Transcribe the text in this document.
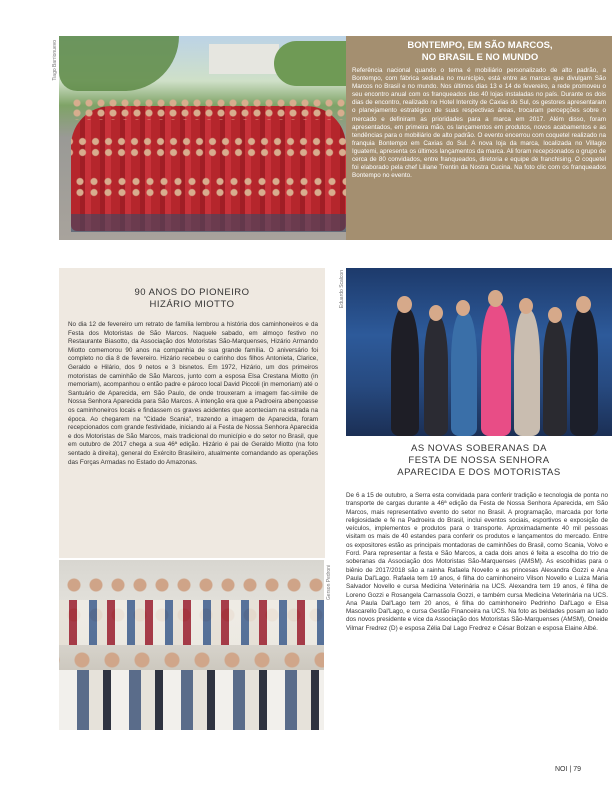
Tiago Barrionuevo	BONTEMPO, EM SÃO MARCOS,
NO BRASIL E NO MUNDO
Referência nacional quando o tema é mobiliário personalizado de alto padrão, a Bontempo, com fábrica sediada no município, está entre as marcas que divulgam São Marcos no Brasil e no mundo. Nos últimos dias 13 e 14 de fevereiro, a rede promoveu o seu encontro anual com os franqueados das 40 lojas instaladas no país. Durante os dois dias de encontro, realizado no Hotel Intercity de Caxias do Sul, os gestores apresentaram o planejamento estratégico de suas respectivas áreas, trocaram percepções sobre o mercado e definiram as prioridades para a marca em 2017. Além disso, foram apresentados, em primeira mão, os lançamentos em produtos, novos acabamentos e as tendências para o mobiliário de alto padrão. O evento encerrou com coquetel realizado na franquia Bontempo em Caxias do Sul. A nova loja da marca, localizada no Villagio Iguatemi, apresenta os últimos lançamentos da marca. Ali foram recepcionados o grupo de cerca de 80 convidados, entre franqueados, diretoria e equipe de franchising. O coquetel foi elaborado pela chef Liliane Trentin da Nostra Cucina. Na foto clic com os franqueados Bontempo no evento.
90 ANOS DO PIONEIRO
HIZÁRIO MIOTTO
No dia 12 de fevereiro um retrato de família lembrou a história dos caminhoneiros e da Festa dos Motoristas de São Marcos. Naquele sabado, em almoço festivo no Restaurante Biasotto, da Associação dos Motoristas São-Marquenses, Hizário Armando Miotto comemorou 90 anos na companhia de sua grande família. O aniversário foi completo no dia 8 de fevereiro. Hizário recebeu o carinho dos filhos Antonieta, Clarice, Geraldo e Hilário, dos 9 netos e 3 bisnetos. Em 1972, Hizário, um dos primeiros motoristas de caminhão de São Marcos, junto com a esposa Elsa Crestana Miotto (in memoriam), acompanhou o então padre e pároco local David Piccoli (in memoriam) até o Santuário de Aparecida, em São Paulo, de onde trouxeram a imagem fac-símile de Nossa Senhora Aparecida para São Marcos. A intenção era que a Padroeira abençoasse os caminhoneiros locais e findassem os graves acidentes que aconteciam na estrada na época. Ao chegarem na "Cidade Scania", trazendo a imagem de Aparecida, foram recepcionados com grande festividade, iniciando aí a Festa de Nossa Senhora Aparecida e dos Motoristas de São Marcos, mais tradicional do município e do setor no Brasil, que em outubro de 2017 chega a sua 46ª edição. Hizário é pai de Geraldo Miotto (na foto sentado à direita), general do Exército Brasileiro, atualmente comandando as operações das Forças Armadas no Estado do Amazonas.
Gerson Pedroni
Eduardo Scalcon
AS NOVAS SOBERANAS DA
FESTA DE NOSSA SENHORA
APARECIDA E DOS MOTORISTAS
De 6 a 15 de outubro, a Serra esta convidada para conferir tradição e tecnologia de ponta no transporte de cargas durante a 46ª edição da Festa de Nossa Senhora Aparecida, em São Marcos, mais representativo evento do setor no Brasil. A programação, marcada por forte religiosidade e fé na Padroeira do Brasil, inclui eventos sociais, esportivos e exposição de veículos, implementos e produtos para o transporte. Aproximadamente 40 mil pessoas visitam os mais de 40 estandes para conferir os produtos e lançamentos do mercado. Entre os expositores estão as principais montadoras de caminhões do Brasil, como Scania, Volvo e Ford. Para representar a festa e São Marcos, a cada dois anos é feita a escolha do trio de soberanas da Associação dos Motoristas São-Marquenses (AMSM). As escolhidas para o biênio de 2017/2018 são a rainha Rafaela Novello e as princesas Alexandra Gozzi e Ana Paula Dal'Lago. Rafaela tem 19 anos, é filha do caminhoneiro Vilson Novello e Luiza Maria Salvador Novello e cursa Medicina Veterinária na UCS. Alexandra tem 19 anos, é filha de Loreno Gozzi e Rosangela Carnassola Gozzi, e também cursa Medicina Veterinária na UCS. Ana Paula Dal'Lago tem 20 anos, é filha do caminhoneiro Pedrinho Dal'Lago e Elsa Mascarello Dal'Lago, e cursa Gestão Financeira na UCS. Na foto as beldades posam ao lado dos novos presidente e vice da Associação dos Motoristas São-Marquenses (AMSM), Oneide Vilmar Fredrez (D) e esposa Zélia Dal Lago Fredrez e César Bolzan e esposa Elaine Albé.
NOI | 79
